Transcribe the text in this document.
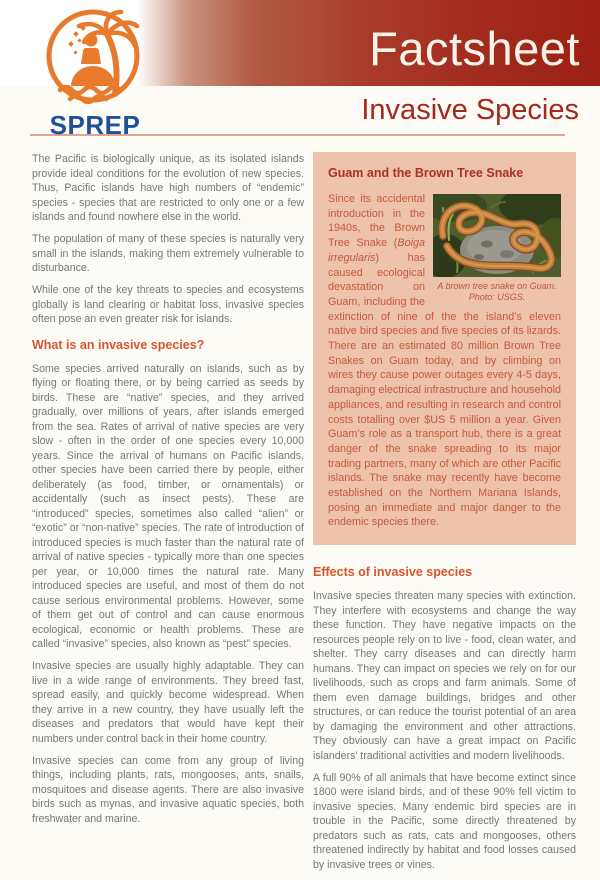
Factsheet
Invasive Species
SPREP

The Pacific is biologically unique, as its isolated islands provide ideal conditions for the evolution of new species. Thus, Pacific islands have high numbers of “endemic” species - species that are restricted to only one or a few islands and found nowhere else in the world.

The population of many of these species is naturally very small in the islands, making them extremely vulnerable to disturbance.

While one of the key threats to species and ecosystems globally is land clearing or habitat loss, invasive species often pose an even greater risk for islands.

What is an invasive species?

Some species arrived naturally on islands, such as by flying or floating there, or by being carried as seeds by birds. These are “native” species, and they arrived gradually, over millions of years, after islands emerged from the sea. Rates of arrival of native species are very slow - often in the order of one species every 10,000 years. Since the arrival of humans on Pacific islands, other species have been carried there by people, either deliberately (as food, timber, or ornamentals) or accidentally (such as insect pests). These are “introduced” species, sometimes also called “alien” or “exotic” or “non-native” species. The rate of introduction of introduced species is much faster than the natural rate of arrival of native species - typically more than one species per year, or 10,000 times the natural rate. Many introduced species are useful, and most of them do not cause serious environmental problems. However, some of them get out of control and can cause enormous ecological, economic or health problems. These are called “invasive” species, also known as “pest” species.

Invasive species are usually highly adaptable. They can live in a wide range of environments. They breed fast, spread easily, and quickly become widespread. When they arrive in a new country, they have usually left the diseases and predators that would have kept their numbers under control back in their home country.

Invasive species can come from any group of living things, including plants, rats, mongooses, ants, snails, mosquitoes and disease agents. There are also invasive birds such as mynas, and invasive aquatic species, both freshwater and marine.

Guam and the Brown Tree Snake
A brown tree snake on Guam.
Photo: USGS.

Since its accidental introduction in the 1940s, the Brown Tree Snake (Boiga irregularis) has caused ecological devastation on Guam, including the extinction of nine of the the island’s eleven native bird species and five species of its lizards. There are an estimated 80 million Brown Tree Snakes on Guam today, and by climbing on wires they cause power outages every 4-5 days, damaging electrical infrastructure and household appliances, and resulting in research and control costs totalling over $US 5 million a year. Given Guam’s role as a transport hub, there is a great danger of the snake spreading to its major trading partners, many of which are other Pacific islands. The snake may recently have become established on the Northern Mariana Islands, posing an immediate and major danger to the endemic species there.

Effects of invasive species

Invasive species threaten many species with extinction. They interfere with ecosystems and change the way these function. They have negative impacts on the resources people rely on to live - food, clean water, and shelter. They carry diseases and can directly harm humans. They can impact on species we rely on for our livelihoods, such as crops and farm animals. Some of them even damage buildings, bridges and other structures, or can reduce the tourist potential of an area by damaging the environment and other attractions. They obviously can have a great impact on Pacific islanders’ traditional activities and modern livelihoods.

A full 90% of all animals that have become extinct since 1800 were island birds, and of these 90% fell victim to invasive species. Many endemic bird species are in trouble in the Pacific, some directly threatened by predators such as rats, cats and mongooses, others threatened indirectly by habitat and food losses caused by invasive trees or vines.
